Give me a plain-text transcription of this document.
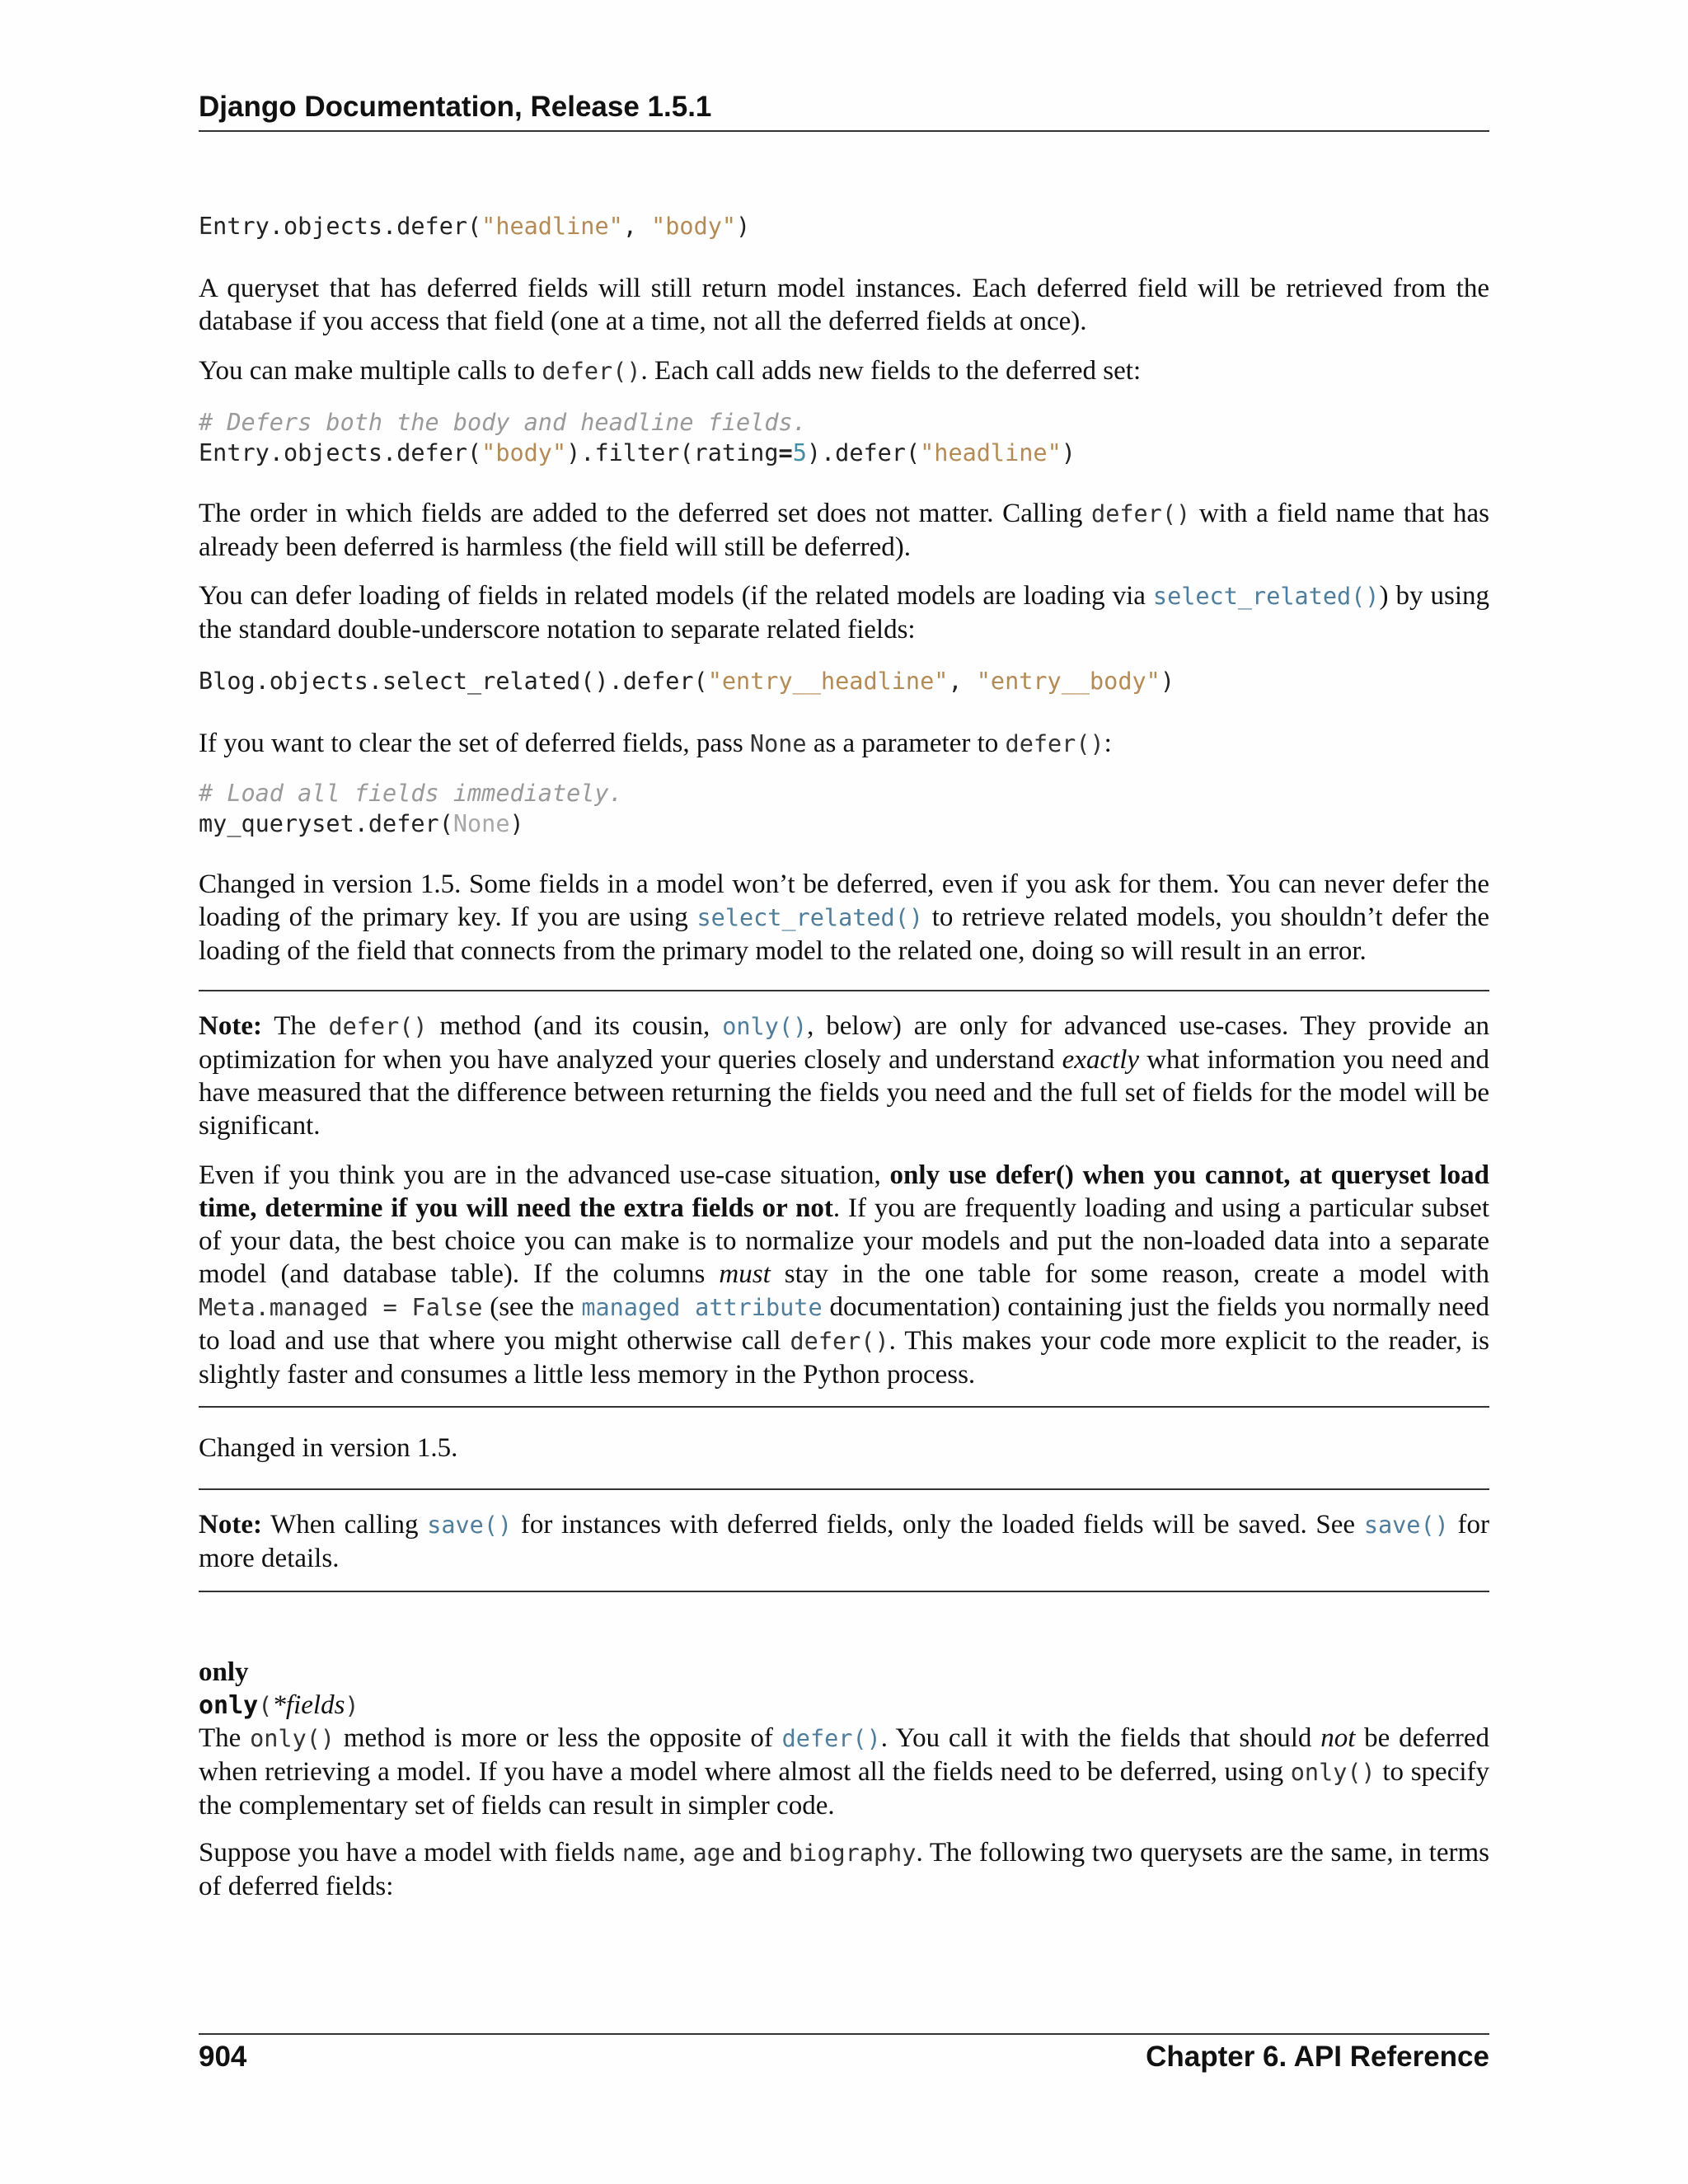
Django Documentation, Release 1.5.1
Entry.objects.defer("headline", "body")

A queryset that has deferred fields will still return model instances. Each deferred field will be retrieved from the database if you access that field (one at a time, not all the deferred fields at once).

You can make multiple calls to defer(). Each call adds new fields to the deferred set:

# Defers both the body and headline fields.
Entry.objects.defer("body").filter(rating=5).defer("headline")

The order in which fields are added to the deferred set does not matter. Calling defer() with a field name that has already been deferred is harmless (the field will still be deferred).

You can defer loading of fields in related models (if the related models are loading via select_related()) by using the standard double-underscore notation to separate related fields:

Blog.objects.select_related().defer("entry__headline", "entry__body")

If you want to clear the set of deferred fields, pass None as a parameter to defer():

# Load all fields immediately.
my_queryset.defer(None)

Changed in version 1.5. Some fields in a model won’t be deferred, even if you ask for them. You can never defer the loading of the primary key. If you are using select_related() to retrieve related models, you shouldn’t defer the loading of the field that connects from the primary model to the related one, doing so will result in an error.

Note: The defer() method (and its cousin, only(), below) are only for advanced use-cases. They provide an optimization for when you have analyzed your queries closely and understand exactly what information you need and have measured that the difference between returning the fields you need and the full set of fields for the model will be significant.

Even if you think you are in the advanced use-case situation, only use defer() when you cannot, at queryset load time, determine if you will need the extra fields or not. If you are frequently loading and using a particular subset of your data, the best choice you can make is to normalize your models and put the non-loaded data into a separate model (and database table). If the columns must stay in the one table for some reason, create a model with Meta.managed = False (see the managed attribute documentation) containing just the fields you normally need to load and use that where you might otherwise call defer(). This makes your code more explicit to the reader, is slightly faster and consumes a little less memory in the Python process.

Changed in version 1.5.

Note: When calling save() for instances with deferred fields, only the loaded fields will be saved. See save() for more details.

only

only(*fields)

The only() method is more or less the opposite of defer(). You call it with the fields that should not be deferred when retrieving a model. If you have a model where almost all the fields need to be deferred, using only() to specify the complementary set of fields can result in simpler code.

Suppose you have a model with fields name, age and biography. The following two querysets are the same, in terms of deferred fields:

904	Chapter 6. API Reference
